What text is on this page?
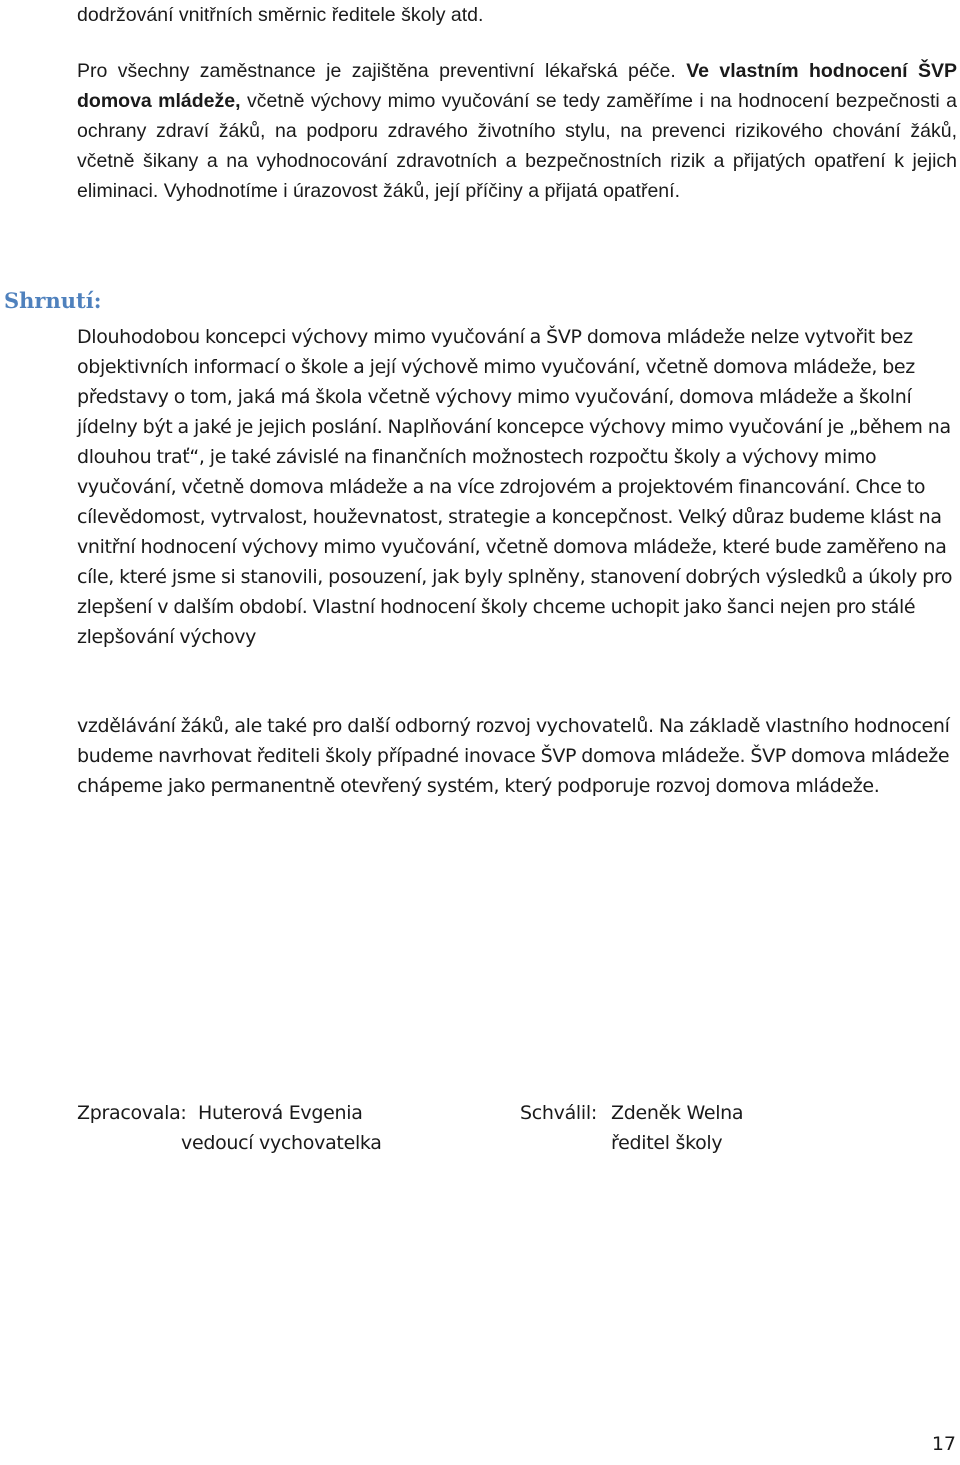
dodržování vnitřních směrnic ředitele školy atd.

Pro všechny zaměstnance je zajištěna preventivní lékařská péče. Ve vlastním hodnocení ŠVP domova mládeže, včetně výchovy mimo vyučování se tedy zaměříme i na hodnocení bezpečnosti a ochrany zdraví žáků, na podporu zdravého životního stylu, na prevenci rizikového chování žáků, včetně šikany a na vyhodnocování zdravotních a bezpečnostních rizik a přijatých opatření k jejich eliminaci. Vyhodnotíme i úrazovost žáků, její příčiny a přijatá opatření.

Shrnutí:

Dlouhodobou koncepci výchovy mimo vyučování a ŠVP domova mládeže nelze vytvořit bez objektivních informací o škole a její výchově mimo vyučování, včetně domova mládeže, bez představy o tom, jaká má škola včetně výchovy mimo vyučování, domova mládeže a školní jídelny být a jaké je jejich poslání. Naplňování koncepce výchovy mimo vyučování je „během na dlouhou trať“, je také závislé na finančních možnostech rozpočtu školy a výchovy mimo vyučování, včetně domova mládeže a na více zdrojovém a projektovém financování. Chce to cílevědomost, vytrvalost, houževnatost, strategie a koncepčnost. Velký důraz budeme klást na vnitřní hodnocení výchovy mimo vyučování, včetně domova mládeže, které bude zaměřeno na cíle, které jsme si stanovili, posouzení, jak byly splněny, stanovení dobrých výsledků a úkoly pro zlepšení v dalším období. Vlastní hodnocení školy chceme uchopit jako šanci nejen pro stálé zlepšování výchovy

vzdělávání žáků, ale také pro další odborný rozvoj vychovatelů. Na základě vlastního hodnocení budeme navrhovat řediteli školy případné inovace ŠVP domova mládeže. ŠVP domova mládeže chápeme jako permanentně otevřený systém, který podporuje rozvoj domova mládeže.

Zpracovala: Huterová Evgenia
vedoucí vychovatelka
Schválil: Zdeněk Welna
ředitel školy
17
